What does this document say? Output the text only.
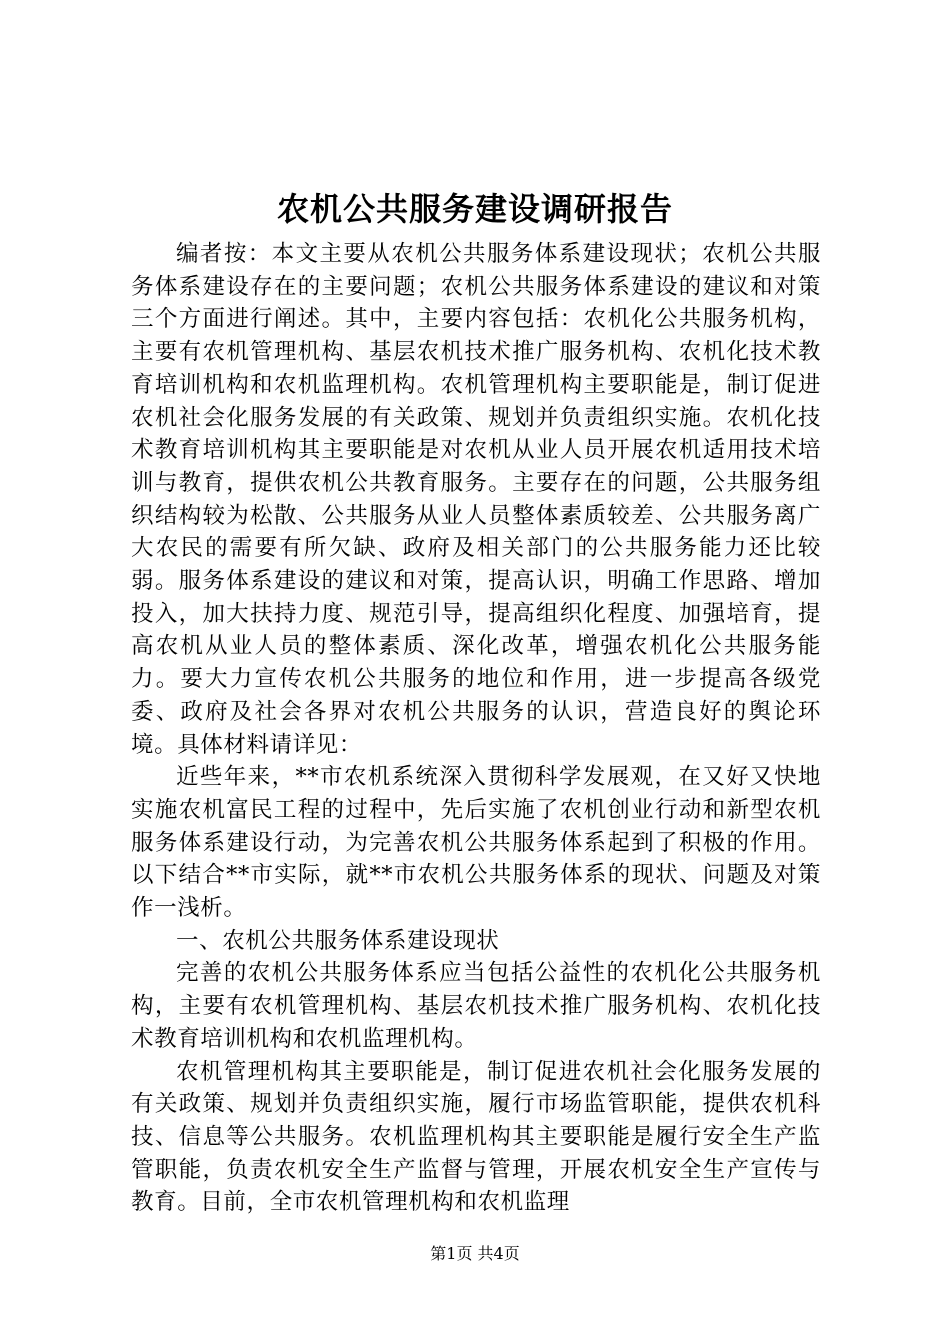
农机公共服务建设调研报告

编者按：本文主要从农机公共服务体系建设现状；农机公共服务体系建设存在的主要问题；农机公共服务体系建设的建议和对策三个方面进行阐述。其中，主要内容包括：农机化公共服务机构，主要有农机管理机构、基层农机技术推广服务机构、农机化技术教育培训机构和农机监理机构。农机管理机构主要职能是，制订促进农机社会化服务发展的有关政策、规划并负责组织实施。农机化技术教育培训机构其主要职能是对农机从业人员开展农机适用技术培训与教育，提供农机公共教育服务。主要存在的问题，公共服务组织结构较为松散、公共服务从业人员整体素质较差、公共服务离广大农民的需要有所欠缺、政府及相关部门的公共服务能力还比较弱。服务体系建设的建议和对策，提高认识，明确工作思路、增加投入，加大扶持力度、规范引导，提高组织化程度、加强培育，提高农机从业人员的整体素质、深化改革，增强农机化公共服务能力。要大力宣传农机公共服务的地位和作用，进一步提高各级党委、政府及社会各界对农机公共服务的认识，营造良好的舆论环境。具体材料请详见：

近些年来，**市农机系统深入贯彻科学发展观，在又好又快地实施农机富民工程的过程中，先后实施了农机创业行动和新型农机服务体系建设行动，为完善农机公共服务体系起到了积极的作用。以下结合**市实际，就**市农机公共服务体系的现状、问题及对策作一浅析。

一、农机公共服务体系建设现状

完善的农机公共服务体系应当包括公益性的农机化公共服务机构，主要有农机管理机构、基层农机技术推广服务机构、农机化技术教育培训机构和农机监理机构。

农机管理机构其主要职能是，制订促进农机社会化服务发展的有关政策、规划并负责组织实施，履行市场监管职能，提供农机科技、信息等公共服务。农机监理机构其主要职能是履行安全生产监管职能，负责农机安全生产监督与管理，开展农机安全生产宣传与教育。目前，全市农机管理机构和农机监理

第1页 共4页
